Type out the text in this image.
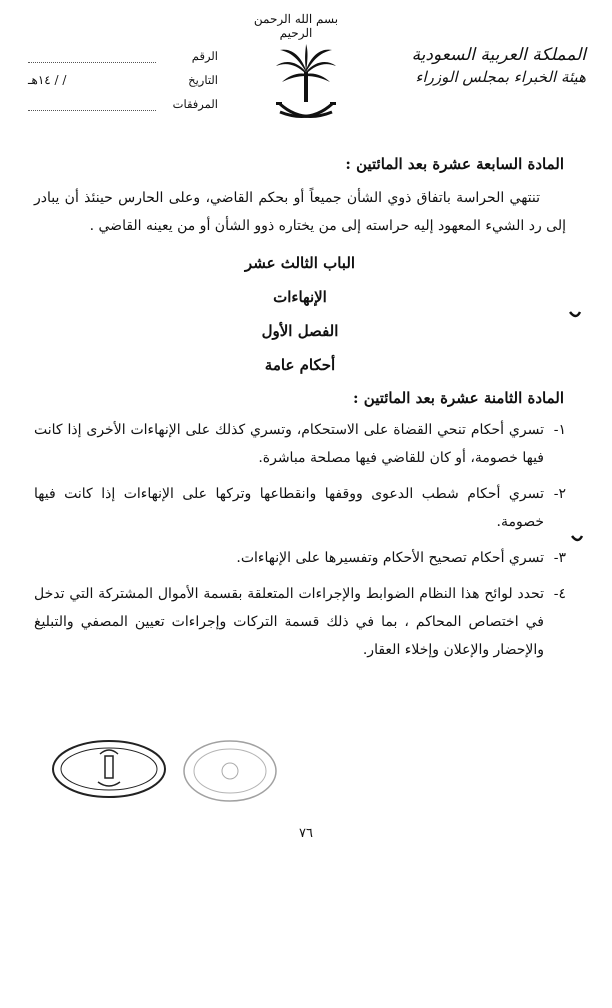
بسم الله الرحمن الرحيم
المملكة العربية السعودية
هيئة الخبراء بمجلس الوزراء
الرقم
التاريخ
/ / ١٤هـ
المرفقات

المادة السابعة عشرة بعد المائتين :

تنتهي الحراسة باتفاق ذوي الشأن جميعاً أو بحكم القاضي، وعلى الحارس حينئذ أن يبادر إلى رد الشيء المعهود إليه حراسته إلى من يختاره ذوو الشأن أو من يعينه القاضي .

الباب الثالث عشر

الإنهاءات

الفصل الأول

أحكام عامة

المادة الثامنة عشرة بعد المائتين :

١-
تسري أحكام تنحي القضاة على الاستحكام، وتسري كذلك على الإنهاءات الأخرى إذا كانت فيها خصومة، أو كان للقاضي فيها مصلحة مباشرة.
٢-
تسري أحكام شطب الدعوى ووقفها وانقطاعها وتركها على الإنهاءات إذا كانت فيها خصومة.
٣-
تسري أحكام تصحيح الأحكام وتفسيرها على الإنهاءات.
٤-
تحدد لوائح هذا النظام الضوابط والإجراءات المتعلقة بقسمة الأموال المشتركة التي تدخل في اختصاص المحاكم ، بما في ذلك قسمة التركات وإجراءات تعيين المصفي والتبليغ والإحضار والإعلان وإخلاء العقار.
٧٦
